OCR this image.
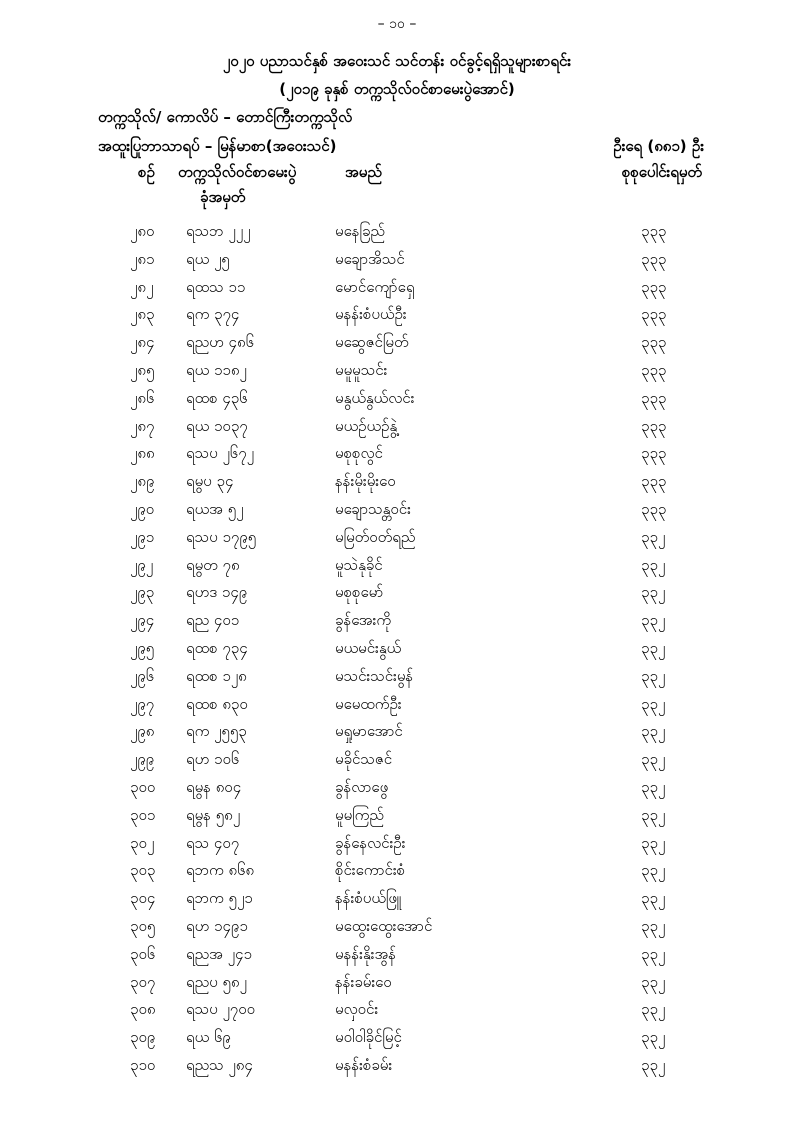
– ၁၀ –
၂၀၂၀ ပညာသင်နှစ် အဝေးသင် သင်တန်း ဝင်ခွင့်ရရှိသူများစာရင်း
(၂၀၁၉ ခုနှစ် တက္ကသိုလ်ဝင်စာမေးပွဲအောင်)
တက္ကသိုလ်/ ကောလိပ် – တောင်ကြီးတက္ကသိုလ်
အထူးပြုဘာသာရပ် – မြန်မာစာ(အဝေးသင်)	ဦးရေ (၈၈၁) ဦး
စဉ် တက္ကသိုလ်ဝင်စာမေးပွဲ
ခုံအမှတ်
အမည်	စုစုပေါင်းရမှတ်
၂၈၀ ရသဘ ၂၂၂	မနေခြည်	၃၃၃
၂၈၁ ရယ ၂၅	မချောအိသင်	၃၃၃
၂၈၂ ရထသ ၁၁	မောင်ကျော်ရှေ	၃၃၃
၂၈၃ ရက ၃၇၄	မနန်းစံပယ်ဦး	၃၃၃
၂၈၄ ရညဟ ၄၈၆	မဆွေဇင်မြတ်	၃၃၃
၂၈၅ ရယ ၁၁၈၂	မမူမူသင်း	၃၃၃
၂၈၆ ရထစ ၄၃၆	မနွယ်နွယ်လင်း	၃၃၃
၂၈၇ ရယ ၁၀၃၇	မယဉ်ယဉ်နွဲ့	၃၃၃
၂၈၈ ရသပ ၂၆၇၂	မစုစုလွင်	၃၃၃
၂၈၉ ရမွပ ၃၄	နန်းမိုးမိုးဝေ	၃၃၃
၂၉၀ ရယအ ၅၂	မချောသန္တဝင်း	၃၃၃
၂၉၁ ရသပ ၁၇၉၅	မမြတ်ဝတ်ရည်	၃၃၂
၂၉၂ ရမွတ ၇၈	မူသဲနုခိုင်	၃၃၂
၂၉၃ ရဟဒ ၁၄၉	မစုစုမော်	၃၃၂
၂၉၄ ရည ၄၀၁	ခွန်အေးကို	၃၃၂
၂၉၅ ရထစ ၇၃၄	မယမင်းနွယ်	၃၃၂
၂၉၆ ရထစ ၁၂၈	မသင်းသင်းမွန်	၃၃၂
၂၉၇ ရထစ ၈၃၀	မမေထက်ဦး	၃၃၂
၂၉၈ ရက ၂၅၅၃	မရှုမာအောင်	၃၃၂
၂၉၉ ရဟ ၁၀၆	မခိုင်သဇင်	၃၃၂
၃၀၀ ရမွန ၈၀၄	ခွန်လာဖွေ	၃၃၂
၃၀၁ ရမွန ၅၈၂	မူမကြည်	၃၃၂
၃၀၂ ရသ ၄၀၇	ခွန်နေလင်းဦး	၃၃၂
၃၀၃ ရဘက ၈၆၈	စိုင်းကောင်းစံ	၃၃၂
၃၀၄ ရဘက ၅၂၁	နန်းစံပယ်ဖြူ	၃၃၂
၃၀၅ ရဟ ၁၄၉၁	မထွေးထွေးအောင်	၃၃၂
၃၀၆ ရညအ ၂၄၁	မနန်းနိုးအွန်	၃၃၂
၃၀၇ ရညပ ၅၈၂	နန်းခမ်းဝေ	၃၃၂
၃၀၈ ရသပ ၂၇၀၀	မလှဝင်း	၃၃၂
၃၀၉ ရယ ၆၉	မဝါဝါခိုင်မြင့်	၃၃၂
၃၁၀ ရညသ ၂၈၄	မနန်းစံခမ်း	၃၃၂
